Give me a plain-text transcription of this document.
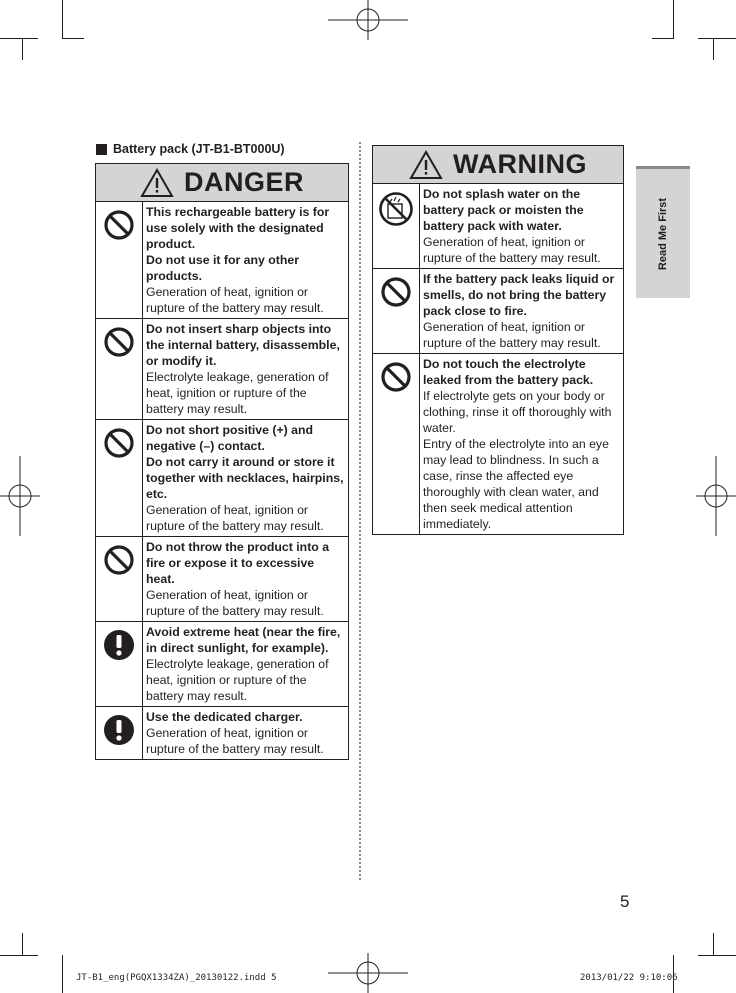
Battery pack (JT-B1-BT000U)
DANGER
This rechargeable battery is for use solely with the designated product.
Do not use it for any other products.
Generation of heat, ignition or rupture of the battery may result.
Do not insert sharp objects into the internal battery, disassemble, or modify it.
Electrolyte leakage, generation of heat, ignition or rupture of the battery may result.
Do not short positive (+) and negative (–) contact.
Do not carry it around or store it together with necklaces, hairpins, etc.
Generation of heat, ignition or rupture of the battery may result.
Do not throw the product into a fire or expose it to excessive heat.
Generation of heat, ignition or rupture of the battery may result.
Avoid extreme heat (near the fire, in direct sunlight, for example).
Electrolyte leakage, generation of heat, ignition or rupture of the battery may result.
Use the dedicated charger.
Generation of heat, ignition or rupture of the battery may result.
WARNING
Do not splash water on the battery pack or moisten the battery pack with water.
Generation of heat, ignition or rupture of the battery may result.
If the battery pack leaks liquid or smells, do not bring the battery pack close to fire.
Generation of heat, ignition or rupture of the battery may result.
Do not touch the electrolyte leaked from the battery pack.
If electrolyte gets on your body or clothing, rinse it off thoroughly with water.
Entry of the electrolyte into an eye may lead to blindness. In such a case, rinse the affected eye thoroughly with clean water, and then seek medical attention immediately.
Read Me First
5
JT-B1_eng(PGQX1334ZA)_20130122.indd 5	2013/01/22 9:10:06
